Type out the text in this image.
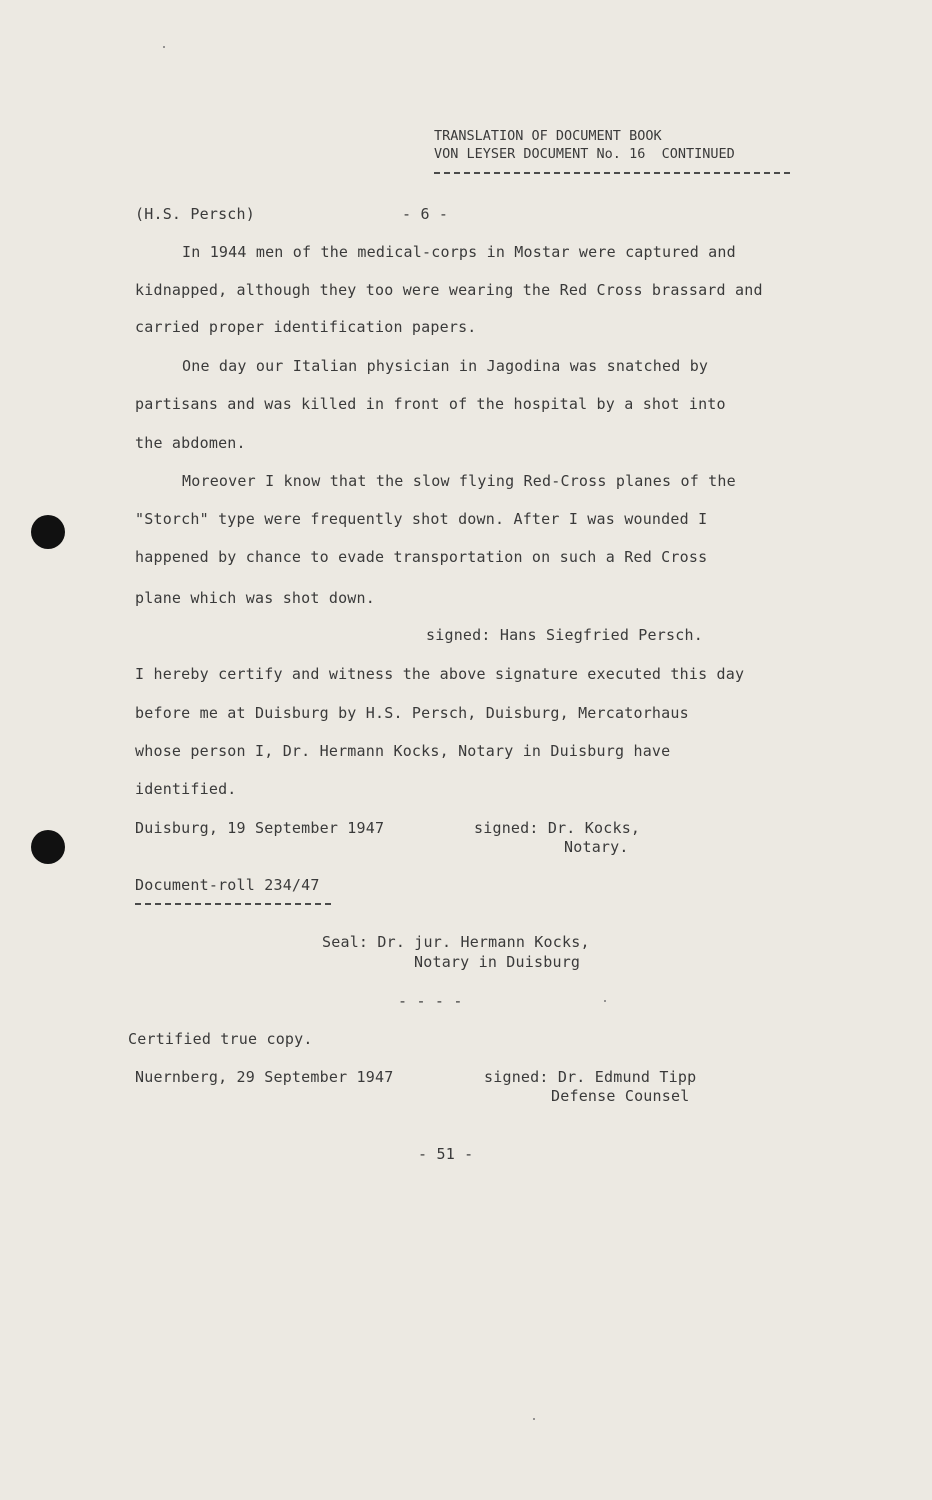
TRANSLATION OF DOCUMENT BOOK
VON LEYSER DOCUMENT No. 16  CONTINUED
(H.S. Persch)	- 6 -
In 1944 men of the medical-corps in Mostar were captured and
kidnapped, although they too were wearing the Red Cross brassard and
carried proper identification papers.
One day our Italian physician in Jagodina was snatched by
partisans and was killed in front of the hospital by a shot into
the abdomen.
Moreover I know that the slow flying Red-Cross planes of the
"Storch" type were frequently shot down. After I was wounded I
happened by chance to evade transportation on such a Red Cross
plane which was shot down.
signed: Hans Siegfried Persch.
I hereby certify and witness the above signature executed this day
before me at Duisburg by H.S. Persch, Duisburg, Mercatorhaus
whose person I, Dr. Hermann Kocks, Notary in Duisburg have
identified.
Duisburg, 19 September 1947	signed: Dr. Kocks,
Notary.
Document-roll 234/47
Seal: Dr. jur. Hermann Kocks,
Notary in Duisburg
- - - -
Certified true copy.
Nuernberg, 29 September 1947	signed: Dr. Edmund Tipp
Defense Counsel
- 51 -
